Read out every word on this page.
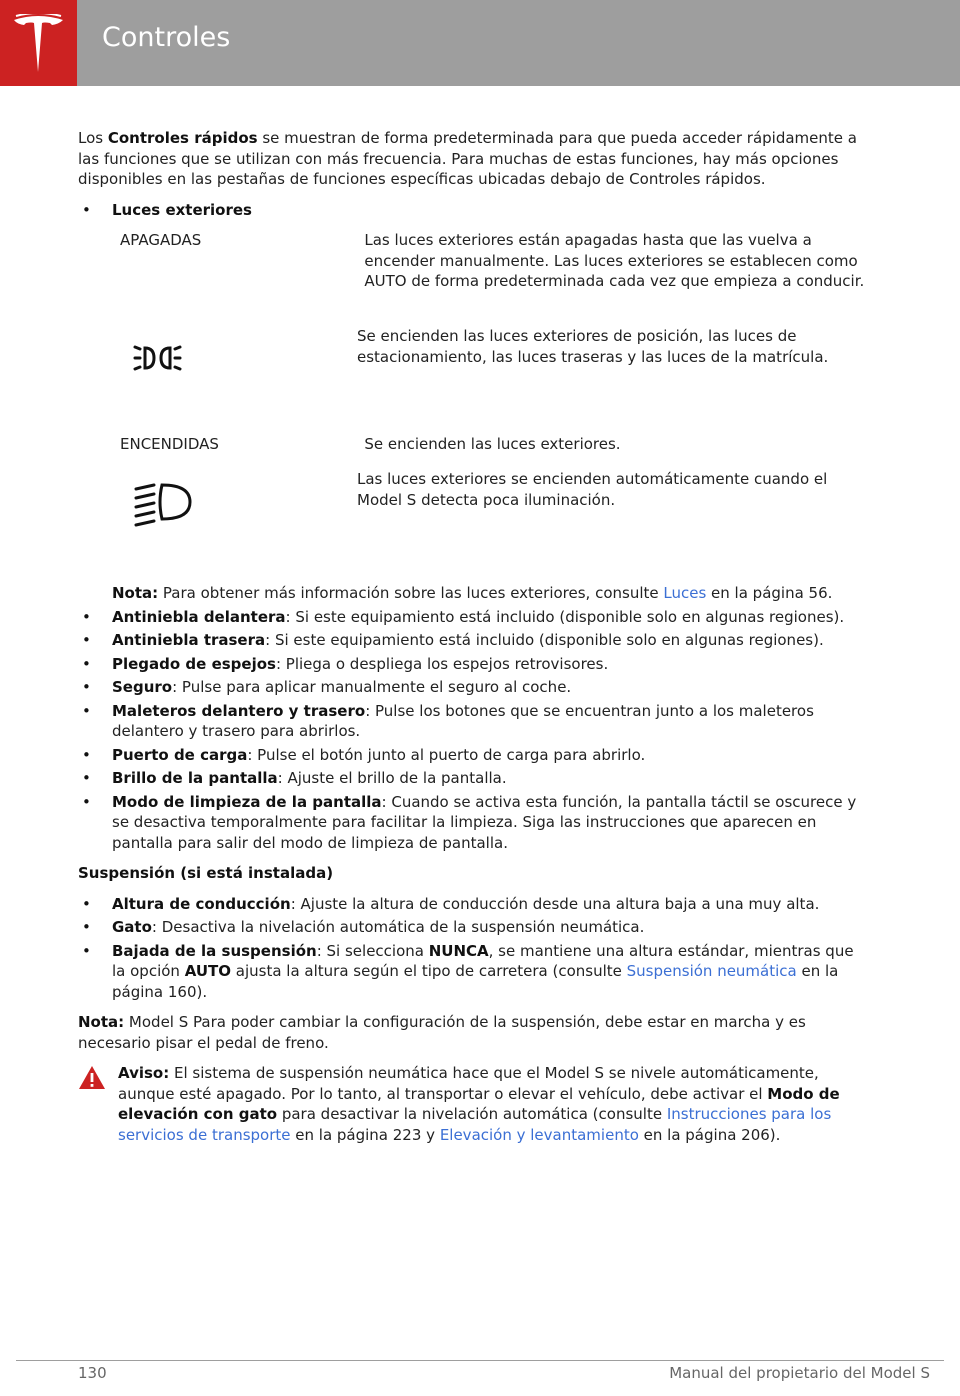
Controles

Los Controles rápidos se muestran de forma predeterminada para que pueda acceder rápidamente a las funciones que se utilizan con más frecuencia. Para muchas de estas funciones, hay más opciones disponibles en las pestañas de funciones específicas ubicadas debajo de Controles rápidos.

• Luces exteriores

APAGADAS	Las luces exteriores están apagadas hasta que las vuelva a encender manualmente. Las luces exteriores se establecen como AUTO de forma predeterminada cada vez que empieza a conducir.
Se encienden las luces exteriores de posición, las luces de estacionamiento, las luces traseras y las luces de la matrícula.
ENCENDIDAS	Se encienden las luces exteriores.
Las luces exteriores se encienden automáticamente cuando el Model S detecta poca iluminación.

Nota: Para obtener más información sobre las luces exteriores, consulte Luces en la página 56.

• Antiniebla delantera: Si este equipamiento está incluido (disponible solo en algunas regiones).

• Antiniebla trasera: Si este equipamiento está incluido (disponible solo en algunas regiones).

• Plegado de espejos: Pliega o despliega los espejos retrovisores.

• Seguro: Pulse para aplicar manualmente el seguro al coche.

• Maleteros delantero y trasero: Pulse los botones que se encuentran junto a los maleteros delantero y trasero para abrirlos.

• Puerto de carga: Pulse el botón junto al puerto de carga para abrirlo.

• Brillo de la pantalla: Ajuste el brillo de la pantalla.

• Modo de limpieza de la pantalla: Cuando se activa esta función, la pantalla táctil se oscurece y se desactiva temporalmente para facilitar la limpieza. Siga las instrucciones que aparecen en pantalla para salir del modo de limpieza de pantalla.

Suspensión (si está instalada)

• Altura de conducción: Ajuste la altura de conducción desde una altura baja a una muy alta.

• Gato: Desactiva la nivelación automática de la suspensión neumática.

• Bajada de la suspensión: Si selecciona NUNCA, se mantiene una altura estándar, mientras que la opción AUTO ajusta la altura según el tipo de carretera (consulte Suspensión neumática en la página 160).

Nota: Model S Para poder cambiar la configuración de la suspensión, debe estar en marcha y es necesario pisar el pedal de freno.

Aviso: El sistema de suspensión neumática hace que el Model S se nivele automáticamente, aunque esté apagado. Por lo tanto, al transportar o elevar el vehículo, debe activar el Modo de elevación con gato para desactivar la nivelación automática (consulte Instrucciones para los servicios de transporte en la página 223 y Elevación y levantamiento en la página 206).

130	Manual del propietario del Model S
